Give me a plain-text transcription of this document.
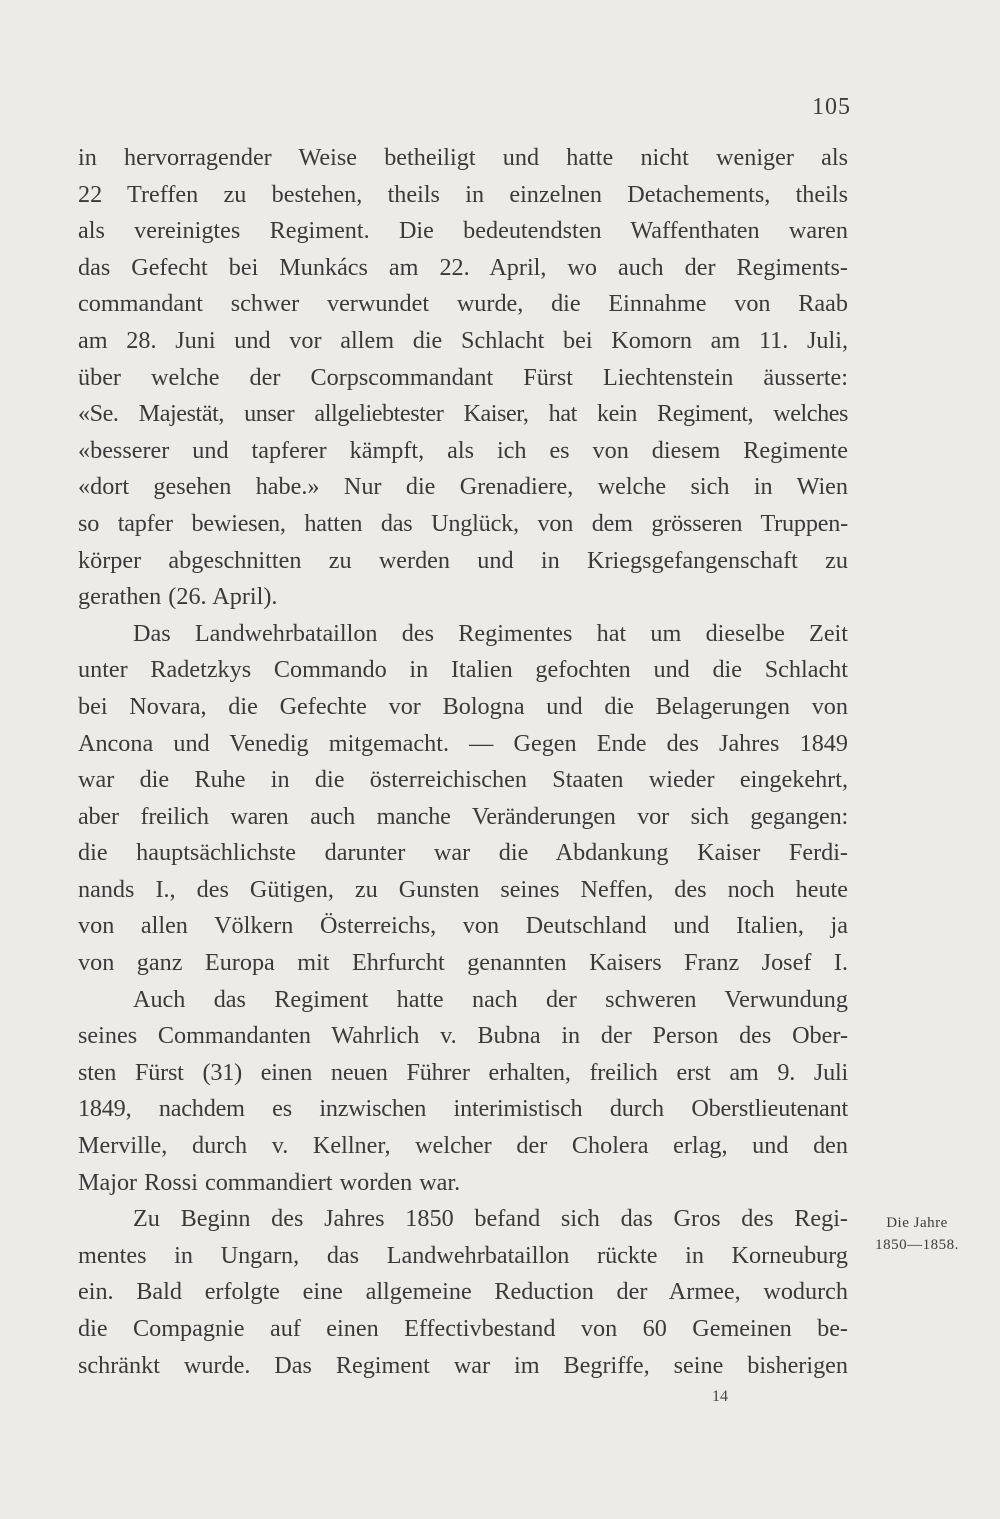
105
in hervorragender Weise betheiligt und hatte nicht weniger als
22 Treffen zu bestehen, theils in einzelnen Detachements, theils
als vereinigtes Regiment. Die bedeutendsten Waffenthaten waren
das Gefecht bei Munkács am 22. April, wo auch der Regiments-
commandant schwer verwundet wurde, die Einnahme von Raab
am 28. Juni und vor allem die Schlacht bei Komorn am 11. Juli,
über welche der Corpscommandant Fürst Liechtenstein äusserte:
«Se. Majestät, unser allgeliebtester Kaiser, hat kein Regiment, welches
«besserer und tapferer kämpft, als ich es von diesem Regimente
«dort gesehen habe.» Nur die Grenadiere, welche sich in Wien
so tapfer bewiesen, hatten das Unglück, von dem grösseren Truppen-
körper abgeschnitten zu werden und in Kriegsgefangenschaft zu
gerathen (26. April).
Das Landwehrbataillon des Regimentes hat um dieselbe Zeit
unter Radetzkys Commando in Italien gefochten und die Schlacht
bei Novara, die Gefechte vor Bologna und die Belagerungen von
Ancona und Venedig mitgemacht. — Gegen Ende des Jahres 1849
war die Ruhe in die österreichischen Staaten wieder eingekehrt,
aber freilich waren auch manche Veränderungen vor sich gegangen:
die hauptsächlichste darunter war die Abdankung Kaiser Ferdi-
nands I., des Gütigen, zu Gunsten seines Neffen, des noch heute
von allen Völkern Österreichs, von Deutschland und Italien, ja
von ganz Europa mit Ehrfurcht genannten Kaisers Franz Josef I.
Auch das Regiment hatte nach der schweren Verwundung
seines Commandanten Wahrlich v. Bubna in der Person des Ober-
sten Fürst (31) einen neuen Führer erhalten, freilich erst am 9. Juli
1849, nachdem es inzwischen interimistisch durch Oberstlieutenant
Merville, durch v. Kellner, welcher der Cholera erlag, und den
Major Rossi commandiert worden war.
Zu Beginn des Jahres 1850 befand sich das Gros des Regi-
mentes in Ungarn, das Landwehrbataillon rückte in Korneuburg
ein. Bald erfolgte eine allgemeine Reduction der Armee, wodurch
die Compagnie auf einen Effectivbestand von 60 Gemeinen be-
schränkt wurde. Das Regiment war im Begriffe, seine bisherigen
Die Jahre
1850—1858.
14
